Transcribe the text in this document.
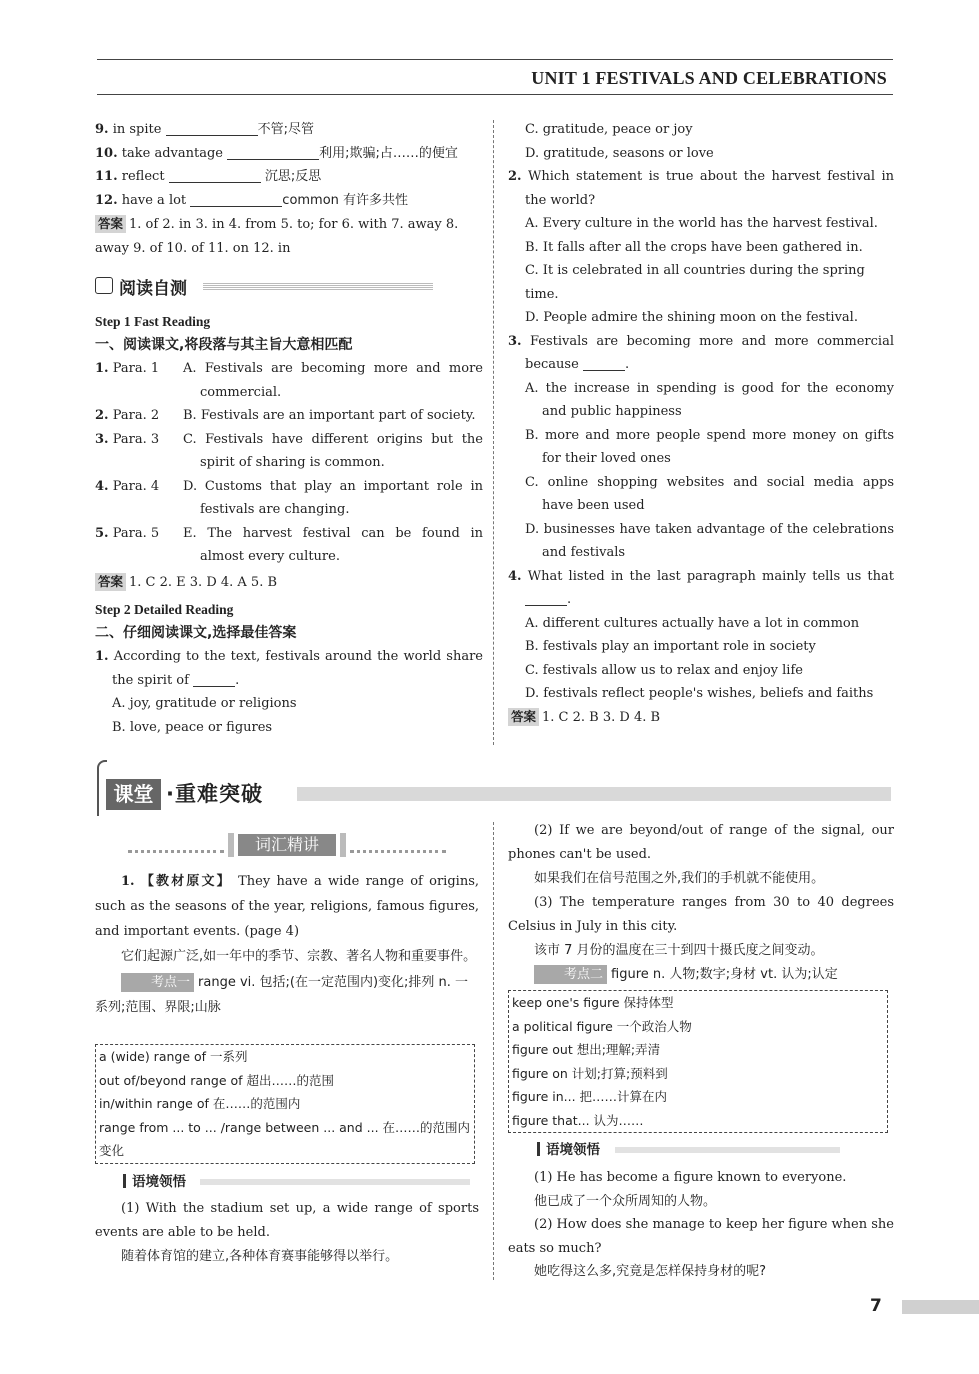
UNIT 1 FESTIVALS AND CELEBRATIONS
9. in spite	不管;尽管
10. take advantage	利用;欺骗;占……的便宜
11. reflect	沉思;反思
12. have a lot	common 有许多共性
答案 1. of 2. in 3. in 4. from 5. to; for 6. with 7. away 8. away 9. of 10. of 11. on 12. in
阅读自测
Step 1 Fast Reading
一、阅读课文,将段落与其主旨大意相匹配
1. Para. 1	A. Festivals are becoming more and more commercial.
2. Para. 2	B. Festivals are an important part of society.
3. Para. 3	C. Festivals have different origins but the spirit of sharing is common.
4. Para. 4	D. Customs that play an important role in festivals are changing.
5. Para. 5	E. The harvest festival can be found in almost every culture.
答案 1. C 2. E 3. D 4. A 5. B
Step 2 Detailed Reading
二、仔细阅读课文,选择最佳答案
1. According to the text, festivals around the world share the spirit of	.
A. joy, gratitude or religions
B. love, peace or figures
C. gratitude, peace or joy
D. gratitude, seasons or love
2. Which statement is true about the harvest festival in the world?
A. Every culture in the world has the harvest festival.
B. It falls after all the crops have been gathered in.
C. It is celebrated in all countries during the spring time.
D. People admire the shining moon on the festival.
3. Festivals are becoming more and more commercial because	.
A. the increase in spending is good for the economy and public happiness
B. more and more people spend more money on gifts for their loved ones
C. online shopping websites and social media apps have been used
D. businesses have taken advantage of the celebrations and festivals
4. What listed in the last paragraph mainly tells us that .
A. different cultures actually have a lot in common
B. festivals play an important role in society
C. festivals allow us to relax and enjoy life
D. festivals reflect people's wishes, beliefs and faiths
答案 1. C 2. B 3. D 4. B
课堂 ·重难突破
词汇精讲
1. 【教材原文】 They have a wide range of origins, such as the seasons of the year, religions, famous figures, and important events. (page 4)
它们起源广泛,如一年中的季节、宗教、著名人物和重要事件。
考点一 range vi. 包括;(在一定范围内)变化;排列 n. 一系列;范围、界限;山脉
a (wide) range of 一系列
out of/beyond range of 超出……的范围
in/within range of 在……的范围内
range from ... to ... /range between ... and ... 在……的范围内变化
语境领悟
(1) With the stadium set up, a wide range of sports events are able to be held.
随着体育馆的建立,各种体育赛事能够得以举行。
(2) If we are beyond/out of range of the signal, our phones can't be used.
如果我们在信号范围之外,我们的手机就不能使用。
(3) The temperature ranges from 30 to 40 degrees Celsius in July in this city.
该市 7 月份的温度在三十到四十摄氏度之间变动。
考点二 figure n. 人物;数字;身材 vt. 认为;认定
keep one's figure 保持体型
a political figure 一个政治人物
figure out 想出;理解;弄清
figure on 计划;打算;预料到
figure in... 把……计算在内
figure that... 认为……
语境领悟
(1) He has become a figure known to everyone.
他已成了一个众所周知的人物。
(2) How does she manage to keep her figure when she eats so much?
她吃得这么多,究竟是怎样保持身材的呢?
7
